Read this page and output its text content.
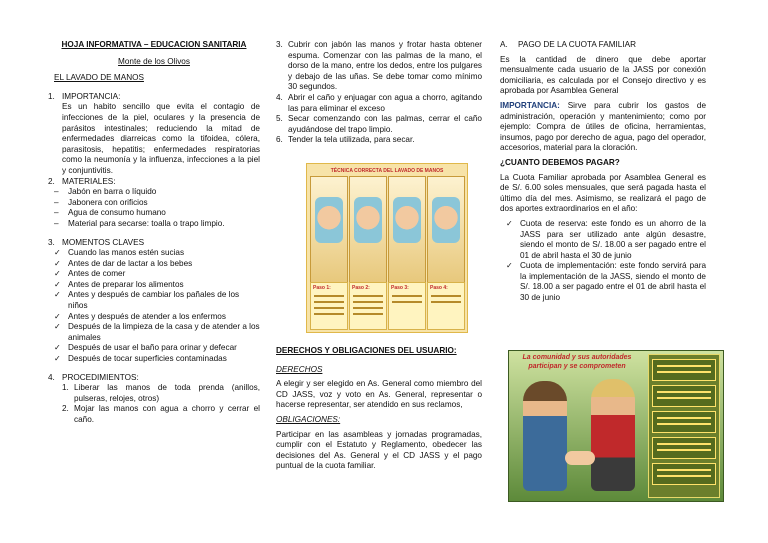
HOJA INFORMATIVA – EDUCACION SANITARIA

Monte de los Olivos

EL LAVADO DE MANOS

1. IMPORTANCIA:

Es un habito sencillo que evita el contagio de infecciones de la piel, oculares y la presencia de parásitos intestinales; reduciendo la mitad de enfermedades diarreicas como la tifoidea, cólera, parasitosis, hepatitis; enfermedades respiratorias como la neumonía y la influenza, infecciones a la piel y conjuntivitis.

2. MATERIALES:
–	Jabón en barra o líquido
–	Jabonera con orificios
–	Agua de consumo humano
–	Material para secarse: toalla o trapo limpio.
3. MOMENTOS CLAVES
✓ Cuando las manos estén sucias
✓ Antes de dar de lactar a los bebes
✓ Antes de comer
✓ Antes de preparar los alimentos
✓ Antes y después de cambiar los pañales de los niños
✓ Antes y después de atender a los enfermos
✓ Después de la limpieza de la casa y de atender a los animales
✓ Después de usar el baño para orinar y defecar
✓ Después de tocar superficies contaminadas
4. PROCEDIMIENTOS:
1. Liberar las manos de toda prenda (anillos, pulseras, relojes, otros)
2. Mojar las manos con agua a chorro y cerrar el caño.
3. Cubrir con jabón las manos y frotar hasta obtener espuma. Comenzar con las palmas de la mano, el dorso de la mano, entre los dedos, entre los pulgares y debajo de las uñas. Se debe tomar como mínimo 30 segundos.
4. Abrir el caño y enjuagar con agua a chorro, agitando las para eliminar el exceso
5. Secar comenzando con las palmas, cerrar el caño ayudándose del trapo limpio.
6. Tender la tela utilizada, para secar.
TÉCNICA CORRECTA DEL LAVADO DE MANOS
Paso 1:	Paso 2:	Paso 3:	Paso 4:

DERECHOS Y OBLIGACIONES DEL USUARIO:

DERECHOS

A elegir y ser elegido en As. General como miembro del CD JASS, voz y voto en As. General, representar o hacerse representar, ser atendido en sus reclamos,

OBLIGACIONES:

Participar en las asambleas y jornadas programadas, cumplir con el Estatuto y Reglamento, obedecer las decisiones del As. General y el CD JASS y el pago puntual de la cuota familiar.

A.	PAGO DE LA CUOTA FAMILIAR

Es la cantidad de dinero que debe aportar mensualmente cada usuario de la JASS por conexión domiciliaria, es calculada por el Consejo directivo y es aprobada por Asamblea General

IMPORTANCIA: Sirve para cubrir los gastos de administración, operación y mantenimiento; como por ejemplo: Compra de útiles de oficina, herramientas, insumos, pago por derecho de agua, pago del operador, accesorios, material para la cloración.

¿CUANTO DEBEMOS PAGAR?

La Cuota Familiar aprobada por Asamblea General es de S/. 6.00 soles mensuales, que será pagada hasta el último día del mes. Asimismo, se realizará el pago de dos aportes extraordinarios en el año:

✓ Cuota de reserva: este fondo es un ahorro de la JASS para ser utilizado ante algún desastre, siendo el monto de S/. 18.00 a ser pagado entre el 01 de abril hasta el 30 de junio
✓ Cuota de implementación: este fondo servirá para la implementación de la JASS, siendo el monto de S/. 18.00 a ser pagado entre el 01 de abril hasta el 30 de junio
La comunidad y sus autoridades participan y se comprometen
